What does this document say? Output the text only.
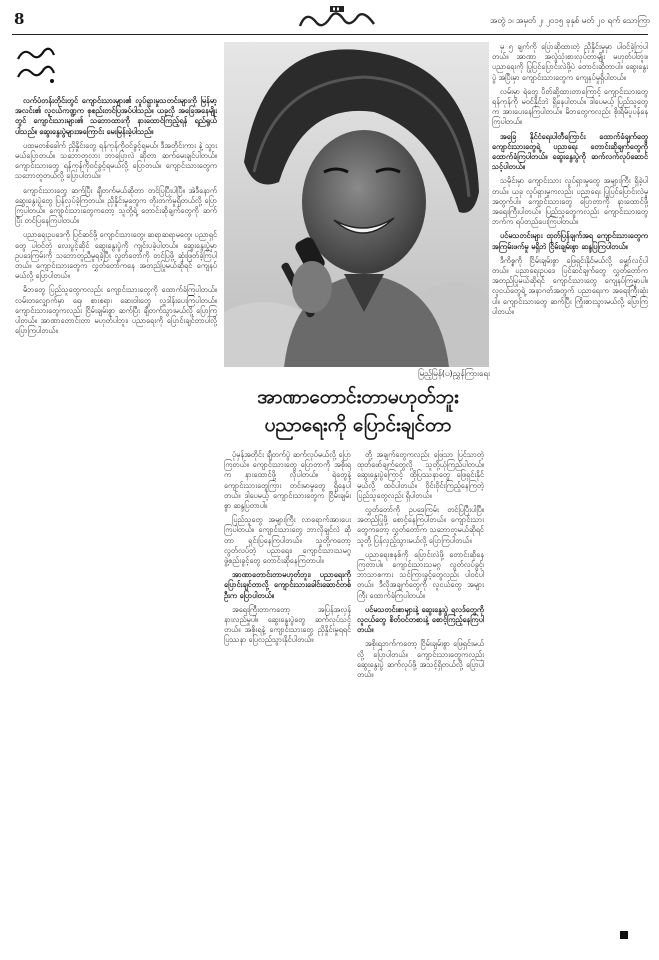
8	အတွဲ ၁၊ အမှတ် ၂၊ ၂၀၁၅ ခုနှစ် မတ် ၂၀ ရက် သောကြာ
မြည့်မြန်(ပ)ညွှန်ကြားရေး
အာဏာတောင်းတာမဟုတ်ဘူး
ပညာရေးကို ပြောင်းချင်တာ

လက်ပံတန်းတိုင်းတွင် ကျောင်းသားများ၏ လှုပ်ရှားမှုသတင်းများကို မြန်မာ့အလင်း၏ လူငယ်ကဏ္ဍက စုစည်းတင်ပြအပ်ပါသည်။ ယခုလို အခြေအနေမျိုးတွင် ကျောင်းသားများ၏ သဘောထားကို နားထောင်ကြည့်ရန် ရည်ရွယ်ပါသည်။ ဆွေးနွေးပွဲများအကြောင်း မေးမြန်းခဲ့ပါသည်။

ပထမတစ်ခေါက် ညှိနှိုင်းတွေ ရန်ကုန်ကိုဝင်ခွင့်ရမယ်၊ ဒီအတိုင်းကား နဲ့ သွားမယ်ပြောတယ်။ သဘောတူလား ဘာပြောလဲ ဆိုတာ ဆက်မေးချင်ပါတယ်။ ကျောင်းသားတွေ ရန်ကုန်ကိုဝင်ခွင့်ရမယ်လို့ ပြောတယ်။ ကျောင်းသားတွေက သဘောတူတယ်လို့ ပြောပါတယ်။

ကျောင်းသားတွေ ဆက်ပြီး ချီတက်မယ်ဆိုတာ တင်ပြပြီးပါပြီ။ အဲဒီနောက် ဆွေးနွေးပွဲတွေ ပြန်လုပ်ခဲ့ကြတယ်။ ညှိနှိုင်းမှုတွေက တိုးတက်မှုရှိတယ်လို့ ပြောကြပါတယ်။ ကျောင်းသားတွေကတော့ သူတို့ရဲ့ တောင်းဆိုချက်တွေကို ဆက်ပြီး တင်ပြနေကြပါတယ်။

ပညာရေးဥပဒေကို ပြင်ဆင်ဖို့ ကျောင်းသားတွေ၊ ဆရာဆရာမတွေ၊ ပညာရှင်တွေ ပါဝင်တဲ့ လေးပွင့်ဆိုင် ဆွေးနွေးပွဲကို ကျင်းပခဲ့ပါတယ်။ ဆွေးနွေးပွဲမှာ ဥပဒေကြမ်းကို သဘောတူညီမှုရခဲ့ပြီး လွှတ်တော်ကို တင်ပြဖို့ ဆုံးဖြတ်ခဲ့ကြပါတယ်။ ကျောင်းသားတွေက လွှတ်တော်ကနေ အတည်ပြုမယ်ဆိုရင် ကျေနပ်မယ်လို့ ပြောပါတယ်။

မိဘတွေ ပြည်သူတွေကလည်း ကျောင်းသားတွေကို ထောက်ခံကြပါတယ်။ လမ်းတလျှောက်မှာ ရေ၊ စားစရာ၊ ဆေးဝါးတွေ လှူဒါန်းပေးကြပါတယ်။ ကျောင်းသားတွေကလည်း ငြိမ်းချမ်းစွာ ဆက်ပြီး ချီတက်သွားမယ်လို့ ပြောကြပါတယ်။ အာဏာတောင်းတာ မဟုတ်ပါဘူး၊ ပညာရေးကို ပြောင်းချင်တာပါလို့ ပြောကြပါတယ်။

ပုံမှန်အတိုင်း ချီတက်ပွဲ ဆက်လုပ်မယ်လို့ ပြောကြတယ်။ ကျောင်းသားတွေ ပြောတာကို အစိုးရက နားထောင်ဖို့ လိုပါတယ်။ ရဲတွေနဲ့ ကျောင်းသားတွေကြား တင်းမာမှုတွေ ရှိနေပါတယ်။ ဒါပေမယ့် ကျောင်းသားတွေက ငြိမ်းချမ်းစွာ ဆန္ဒပြတာပါ။

ပြည်သူတွေ အများကြီး လာရောက်အားပေးကြပါတယ်။ ကျောင်းသားတွေ ဘာလိုချင်လဲ ဆိုတာ ရှင်းပြနေကြပါတယ်။ သူတို့ကတော့ လွတ်လပ်တဲ့ ပညာရေး၊ ကျောင်းသားသမဂ္ဂ ဖွဲ့စည်းခွင့်တွေ တောင်းဆိုနေကြတာပါ။

အာဏာတောင်းတာမဟုတ်ဘူး၊ ပညာရေးကို ပြောင်းချင်တာလို့ ကျောင်းသားခေါင်းဆောင်တစ်ဦးက ပြောပါတယ်။

အရေးကြီးတာကတော့ အပြန်အလှန် နားလည်မှုပါ။ ဆွေးနွေးပွဲတွေ ဆက်လုပ်သင့်တယ်။ အစိုးရနဲ့ ကျောင်းသားတွေ ညှိနှိုင်းမှုရရင် ပြဿနာ ပြေလည်သွားနိုင်ပါတယ်။

တို့ အချက်တွေကလည်း ဖြေသာ ပြင်သာတဲ့ ထုတ်ဖော်ချက်တွေလို့ သူတို့ယုံကြည်ပါတယ်။ ဆွေးနွေးပွဲကြောင့် ထိုပြဿနာတွေ ဖြေရှင်းနိုင်မယ်လို့ ထင်ပါတယ်။ ဝိုင်းဝိုင်းကြည့်နေကြတဲ့ ပြည်သူတွေလည်း ရှိပါတယ်။

လွှတ်တော်ကို ဥပဒေကြမ်း တင်ပြပြီးပါပြီ။ အတည်ပြုဖို့ စောင့်နေကြပါတယ်။ ကျောင်းသားတွေကတော့ လွှတ်တော်က သဘောတူမယ်ဆိုရင် သူတို့ ပြန်လှည့်သွားမယ်လို့ ပြောကြပါတယ်။

ပညာရေးစနစ်ကို ပြောင်းလဲဖို့ တောင်းဆိုနေကြတာပါ။ ကျောင်းသားသမဂ္ဂ လွတ်လပ်ခွင့်၊ ဘာသာစကား သင်ကြားခွင့်တွေလည်း ပါဝင်ပါတယ်။ ဒီလိုအချက်တွေကို လူငယ်တွေ အများကြီး ထောက်ခံကြပါတယ်။

ပင်မသတင်းစာများနဲ့ ဆွေးနွေးပွဲ ရလဒ်တွေကို လူငယ်တွေ စိတ်ဝင်တစားနဲ့ စောင့်ကြည့်နေကြပါတယ်။

အစိုးရဘက်ကတော့ ငြိမ်းချမ်းစွာ ဖြေရှင်းမယ်လို့ ပြောပါတယ်။ ကျောင်းသားတွေကလည်း ဆွေးနွေးပွဲ ဆက်လုပ်ဖို့ အသင့်ရှိတယ်လို့ ပြောပါတယ်။

မှ ၅ ချက်ကို ပြောဆိုထားတဲ့ ညှိနှိုင်းမှုမှာ ပါဝင်ခဲ့ကြပါတယ်။ အာဏာ အလွဲသုံးစားလုပ်တာမျိုး မဟုတ်ပါဘူး။ ပညာရေးကို ပြုပြင်ပြောင်းလဲဖို့ပဲ တောင်းဆိုတာပါ။ ဆွေးနွေးပွဲ အပြီးမှာ ကျောင်းသားတွေက ကျေနပ်မှုရှိပါတယ်။

လမ်းမှာ ရဲတွေ ပိတ်ဆို့ထားတာကြောင့် ကျောင်းသားတွေ ရန်ကုန်ကို မဝင်နိုင်ဘဲ ရှိနေပါတယ်။ ဒါပေမယ့် ပြည်သူတွေက အားပေးနေကြပါတယ်။ မိဘတွေကလည်း စိုးရိမ်ပူပန်နေကြပါတယ်။

အခြေ နိုင်ငံရေးပါတီကြောင်း ထောက်ခံချက်တွေ ကျောင်းသားတွေရဲ့ ပညာရေး တောင်းဆိုချက်တွေကို ထောက်ခံကြပါတယ်။ ဆွေးနွေးပွဲကို ဆက်လက်လုပ်ဆောင်သင့်ပါတယ်။

သမိုင်းမှာ ကျောင်းသား လှုပ်ရှားမှုတွေ အများကြီး ရှိခဲ့ပါတယ်။ ယခု လှုပ်ရှားမှုကလည်း ပညာရေး ပြုပြင်ပြောင်းလဲမှုအတွက်ပါ။ ကျောင်းသားတွေ ပြောတာကို နားထောင်ဖို့ အရေးကြီးပါတယ်။ ပြည်သူတွေကလည်း ကျောင်းသားတွေဘက်က ရပ်တည်ပေးကြပါတယ်။

ပင်မသတင်းများ ထုတ်ပြန်ချက်အရ ကျောင်းသားတွေက အကြမ်းဖက်မှု မရှိဘဲ ငြိမ်းချမ်းစွာ ဆန္ဒပြကြပါတယ်။

ဒီကိစ္စကို ငြိမ်းချမ်းစွာ ဖြေရှင်းနိုင်မယ်လို့ မျှော်လင့်ပါတယ်။ ပညာရေးဥပဒေ ပြင်ဆင်ချက်တွေ လွှတ်တော်က အတည်ပြုမယ်ဆိုရင် ကျောင်းသားတွေ ကျေနပ်ကြမှာပါ။ လူငယ်တွေရဲ့ အနာဂတ်အတွက် ပညာရေးက အရေးကြီးဆုံးပါ။ ကျောင်းသားတွေ ဆက်ပြီး ကြိုးစားသွားမယ်လို့ ပြောကြပါတယ်။
